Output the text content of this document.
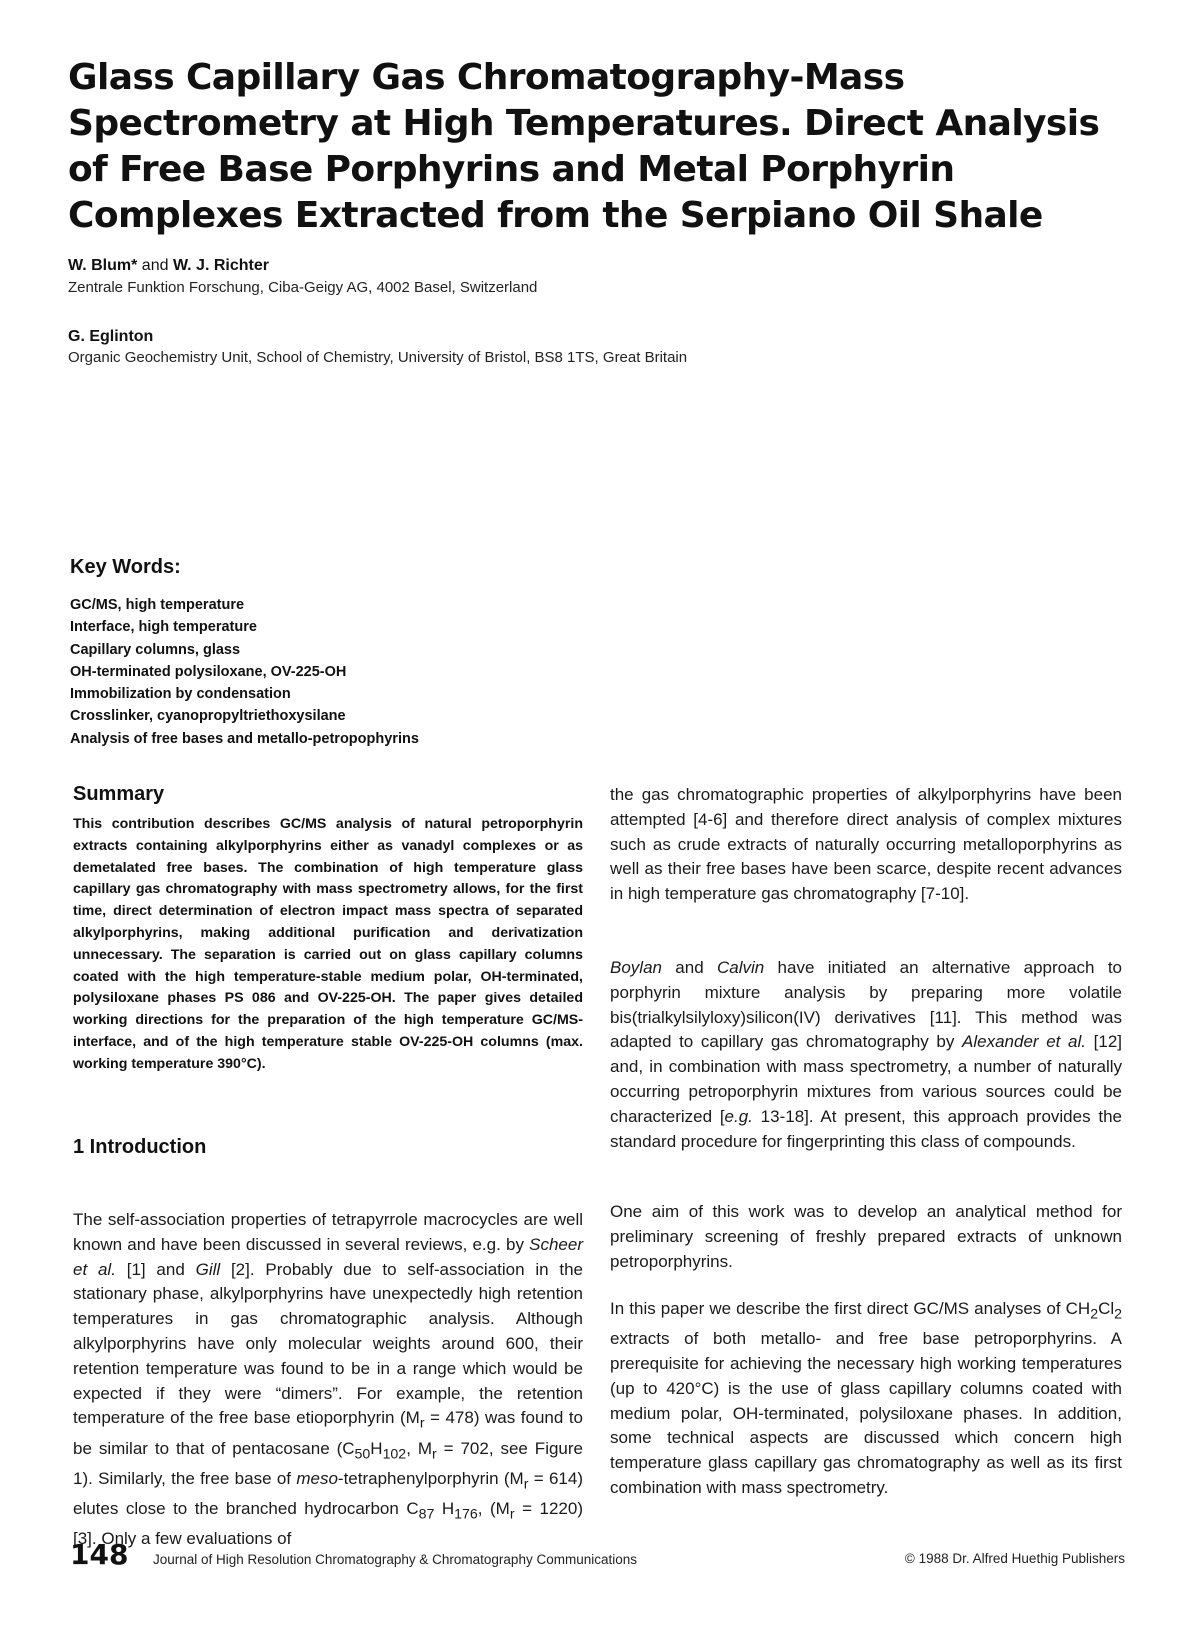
Glass Capillary Gas Chromatography-Mass Spectrometry at High Temperatures. Direct Analysis of Free Base Porphyrins and Metal Porphyrin Complexes Extracted from the Serpiano Oil Shale
W. Blum* and W. J. Richter
Zentrale Funktion Forschung, Ciba-Geigy AG, 4002 Basel, Switzerland
G. Eglinton
Organic Geochemistry Unit, School of Chemistry, University of Bristol, BS8 1TS, Great Britain
Key Words:
GC/MS, high temperature
Interface, high temperature
Capillary columns, glass
OH-terminated polysiloxane, OV-225-OH
Immobilization by condensation
Crosslinker, cyanopropyltriethoxysilane
Analysis of free bases and metallo-petropophyrins
Summary

This contribution describes GC/MS analysis of natural petroporphyrin extracts containing alkylporphyrins either as vanadyl complexes or as demetalated free bases. The combination of high temperature glass capillary gas chromatography with mass spectrometry allows, for the first time, direct determination of electron impact mass spectra of separated alkylporphyrins, making additional purification and derivatization unnecessary. The separation is carried out on glass capillary columns coated with the high temperature-stable medium polar, OH-terminated, polysiloxane phases PS 086 and OV-225-OH. The paper gives detailed working directions for the preparation of the high temperature GC/MS-interface, and of the high temperature stable OV-225-OH columns (max. working temperature 390°C).

1 Introduction

The self-association properties of tetrapyrrole macrocycles are well known and have been discussed in several reviews, e.g. by Scheer et al. [1] and Gill [2]. Probably due to self-association in the stationary phase, alkylporphyrins have unexpectedly high retention temperatures in gas chromatographic analysis. Although alkylporphyrins have only molecular weights around 600, their retention temperature was found to be in a range which would be expected if they were “dimers”. For example, the retention temperature of the free base etioporphyrin $(M_r = 478)$ was found to be similar to that of pentacosane ($C_{50}H_{102}$, $M_r = 702$, see Figure 1). Similarly, the free base of meso-tetraphenylporphyrin $(M_r = 614)$ elutes close to the branched hydrocarbon $C_{87}$ $H_{176}$, $(M_r = 1220)$ [3]. Only a few evaluations of

the gas chromatographic properties of alkylporphyrins have been attempted [4-6] and therefore direct analysis of complex mixtures such as crude extracts of naturally occurring metalloporphyrins as well as their free bases have been scarce, despite recent advances in high temperature gas chromatography [7-10].

Boylan and Calvin have initiated an alternative approach to porphyrin mixture analysis by preparing more volatile bis(trialkylsilyloxy)silicon(IV) derivatives [11]. This method was adapted to capillary gas chromatography by Alexander et al. [12] and, in combination with mass spectrometry, a number of naturally occurring petroporphyrin mixtures from various sources could be characterized [e.g. 13-18]. At present, this approach provides the standard procedure for fingerprinting this class of compounds.

One aim of this work was to develop an analytical method for preliminary screening of freshly prepared extracts of unknown petroporphyrins.

In this paper we describe the first direct GC/MS analyses of $CH_2Cl_2$ extracts of both metallo- and free base petroporphyrins. A prerequisite for achieving the necessary high working temperatures (up to 420°C) is the use of glass capillary columns coated with medium polar, OH-terminated, polysiloxane phases. In addition, some technical aspects are discussed which concern high temperature glass capillary gas chromatography as well as its first combination with mass spectrometry.

148 Journal of High Resolution Chromatography & Chromatography Communications	© 1988 Dr. Alfred Huethig Publishers
